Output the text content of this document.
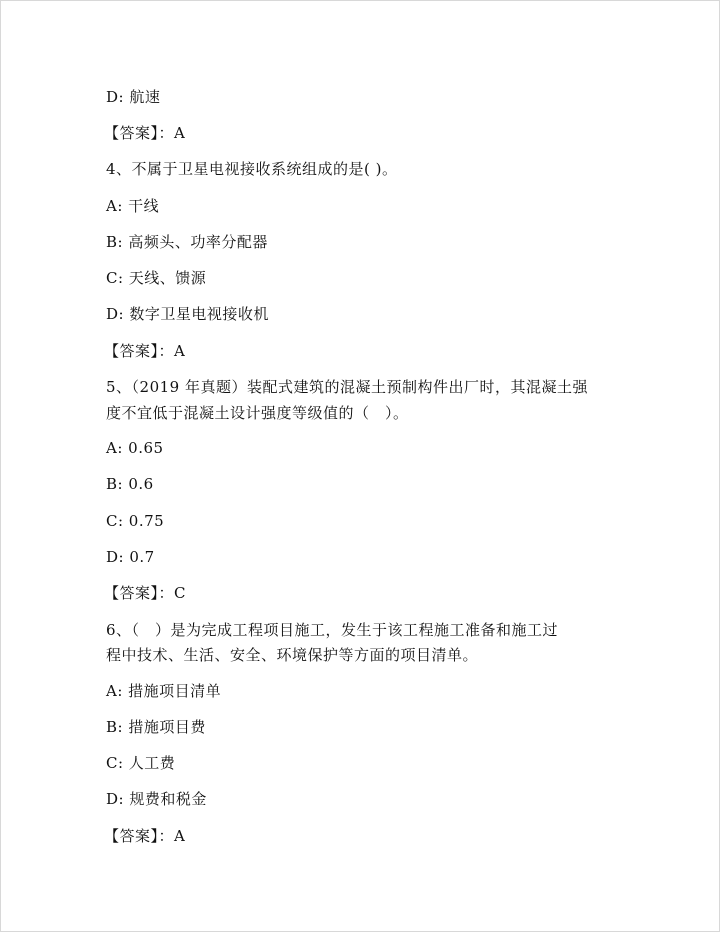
D: 航速
【答案】：A
4、不属于卫星电视接收系统组成的是( )。
A: 干线
B: 高频头、功率分配器
C: 天线、馈源
D: 数字卫星电视接收机
【答案】：A
5、（2019 年真题）装配式建筑的混凝土预制构件出厂时，其混凝土强
度不宜低于混凝土设计强度等级值的（　）。
A: 0.65
B: 0.6
C: 0.75
D: 0.7
【答案】：C
6、（　）是为完成工程项目施工，发生于该工程施工准备和施工过
程中技术、生活、安全、环境保护等方面的项目清单。
A: 措施项目清单
B: 措施项目费
C: 人工费
D: 规费和税金
【答案】：A
